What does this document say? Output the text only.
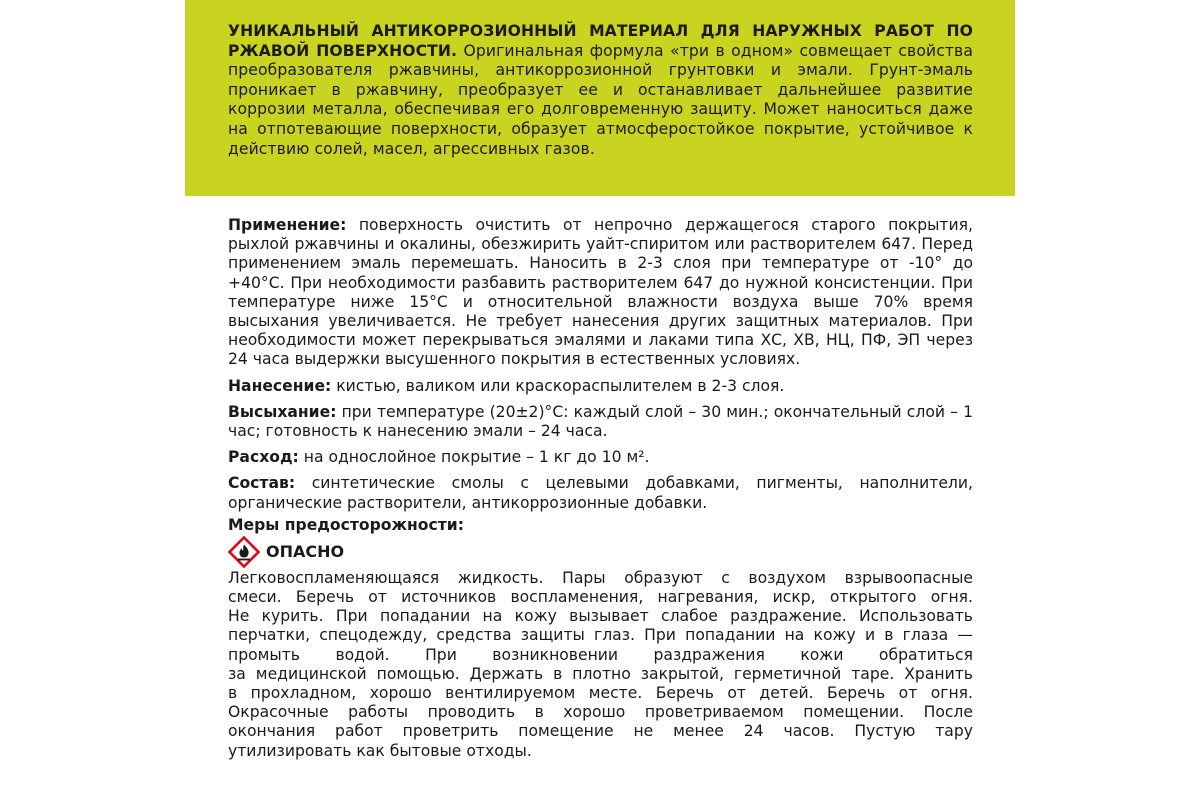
УНИКАЛЬНЫЙ АНТИКОРРОЗИОННЫЙ МАТЕРИАЛ ДЛЯ НАРУЖНЫХ РАБОТ ПО РЖАВОЙ ПОВЕРХНОСТИ. Оригинальная формула «три в одном» совмещает свойства преобразователя ржавчины, антикоррозионной грунтовки и эмали. Грунт-эмаль проникает в ржавчину, преобразует ее и останавливает дальнейшее развитие коррозии металла, обеспечивая его долговременную защиту. Может наноситься даже на отпотевающие поверхности, образует атмосферостойкое покрытие, устойчивое к действию солей, масел, агрессивных газов.

Применение: поверхность очистить от непрочно держащегося старого покрытия, рыхлой ржавчины и окалины, обезжирить уайт-спиритом или растворителем 647. Перед применением эмаль перемешать. Наносить в 2-3 слоя при температуре от -10° до +40°С. При необходимости разбавить растворителем 647 до нужной консистенции. При температуре ниже 15°С и относительной влажности воздуха выше 70% время высыхания увеличивается. Не требует нанесения других защитных материалов. При необходимости может перекрываться эмалями и лаками типа ХС, ХВ, НЦ, ПФ, ЭП через 24 часа выдержки высушенного покрытия в естественных условиях.

Нанесение: кистью, валиком или краскораспылителем в 2-3 слоя.

Высыхание: при температуре (20±2)°С: каждый слой – 30 мин.; окончательный слой – 1 час; готовность к нанесению эмали – 24 часа.

Расход: на однослойное покрытие – 1 кг до 10 м².

Состав: синтетические смолы с целевыми добавками, пигменты, наполнители, органические растворители, антикоррозионные добавки.

Меры предосторожности:

ОПАСНО
Легковоспламеняющаяся жидкость. Пары образуют с воздухом взрывоопасные
смеси. Беречь от источников воспламенения, нагревания, искр, открытого огня.
Не курить. При попадании на кожу вызывает слабое раздражение. Использовать
перчатки, спецодежду, средства защиты глаз. При попадании на кожу и в глаза —
промыть водой. При возникновении раздражения кожи обратиться
за медицинской помощью. Держать в плотно закрытой, герметичной таре. Хранить
в прохладном, хорошо вентилируемом месте. Беречь от детей. Беречь от огня.
Окрасочные работы проводить в хорошо проветриваемом помещении. После
окончания работ проветрить помещение не менее 24 часов. Пустую тару
утилизировать как бытовые отходы.
